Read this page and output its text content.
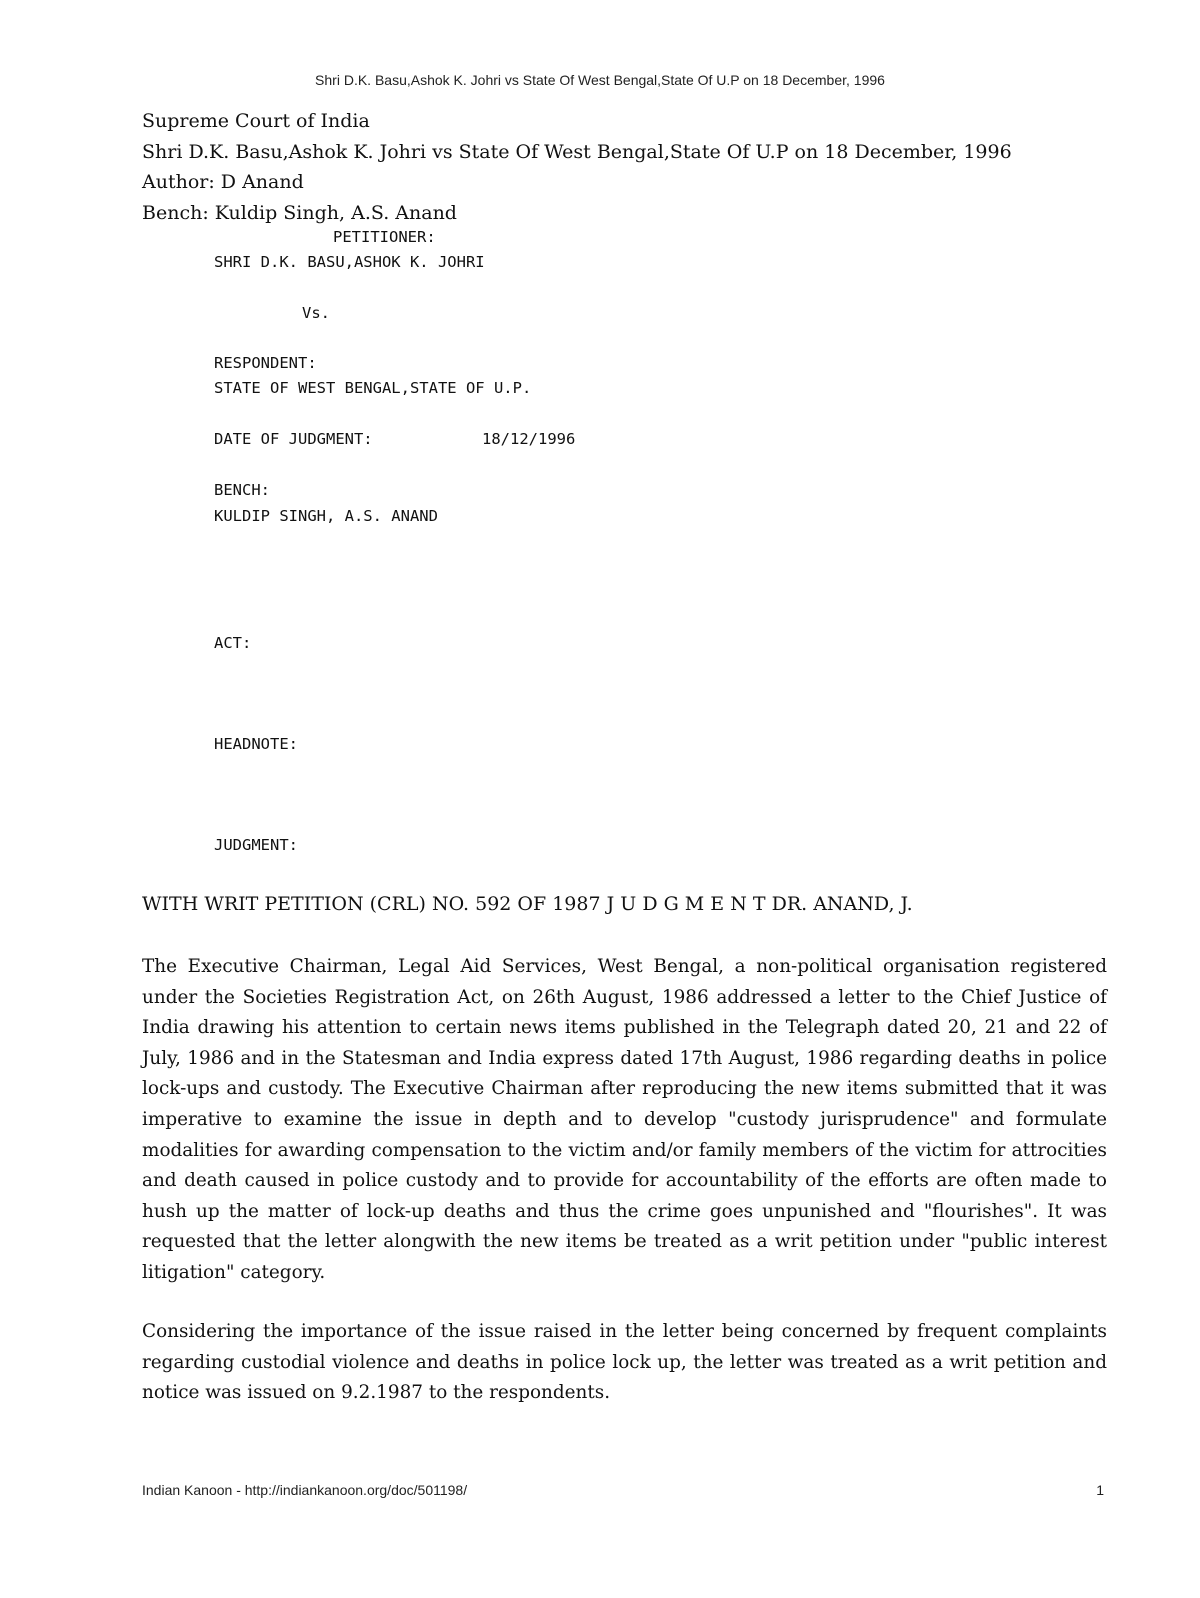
Shri D.K. Basu,Ashok K. Johri vs State Of West Bengal,State Of U.P on 18 December, 1996
Supreme Court of India
Shri D.K. Basu,Ashok K. Johri vs State Of West Bengal,State Of U.P on 18 December, 1996
Author: D Anand
Bench: Kuldip Singh, A.S. Anand
PETITIONER:
SHRI D.K. BASU,ASHOK K. JOHRI
Vs.
RESPONDENT:
STATE OF WEST BENGAL,STATE OF U.P.
DATE OF JUDGMENT:	18/12/1996
BENCH:
KULDIP SINGH, A.S. ANAND
ACT:
HEADNOTE:
JUDGMENT:
WITH WRIT PETITION (CRL) NO. 592 OF 1987 J U D G M E N T DR. ANAND, J.

The Executive Chairman, Legal Aid Services, West Bengal, a non-political organisation registered under the Societies Registration Act, on 26th August, 1986 addressed a letter to the Chief Justice of India drawing his attention to certain news items published in the Telegraph dated 20, 21 and 22 of July, 1986 and in the Statesman and India express dated 17th August, 1986 regarding deaths in police lock-ups and custody. The Executive Chairman after reproducing the new items submitted that it was imperative to examine the issue in depth and to develop "custody jurisprudence" and formulate modalities for awarding compensation to the victim and/or family members of the victim for attrocities and death caused in police custody and to provide for accountability of the efforts are often made to hush up the matter of lock-up deaths and thus the crime goes unpunished and "flourishes". It was requested that the letter alongwith the new items be treated as a writ petition under "public interest litigation" category.

Considering the importance of the issue raised in the letter being concerned by frequent complaints regarding custodial violence and deaths in police lock up, the letter was treated as a writ petition and notice was issued on 9.2.1987 to the respondents.

Indian Kanoon - http://indiankanoon.org/doc/501198/	1
